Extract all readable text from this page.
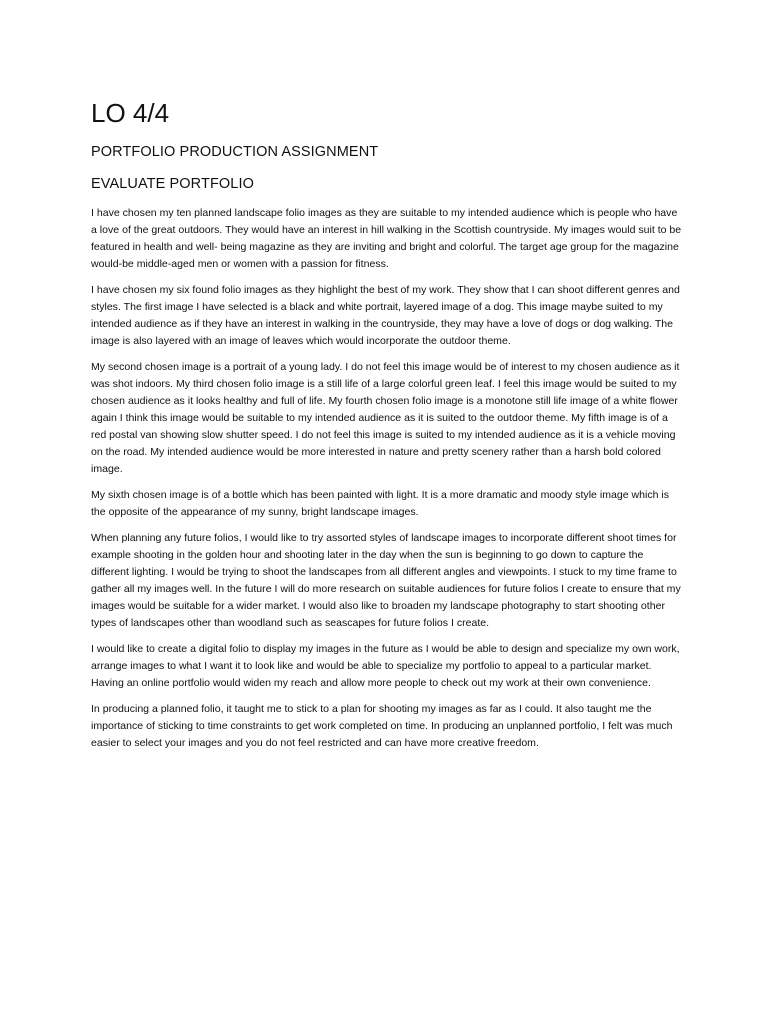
LO 4/4
PORTFOLIO PRODUCTION ASSIGNMENT
EVALUATE PORTFOLIO

I have chosen my ten planned landscape folio images as they are suitable to my intended audience which is people who have a love of the great outdoors. They would have an interest in hill walking in the Scottish countryside. My images would suit to be featured in health and well- being magazine as they are inviting and bright and colorful. The target age group for the magazine would-be middle-aged men or women with a passion for fitness.

I have chosen my six found folio images as they highlight the best of my work. They show that I can shoot different genres and styles. The first image I have selected is a black and white portrait, layered image of a dog. This image maybe suited to my intended audience as if they have an interest in walking in the countryside, they may have a love of dogs or dog walking. The image is also layered with an image of leaves which would incorporate the outdoor theme.

My second chosen image is a portrait of a young lady. I do not feel this image would be of interest to my chosen audience as it was shot indoors. My third chosen folio image is a still life of a large colorful green leaf. I feel this image would be suited to my chosen audience as it looks healthy and full of life. My fourth chosen folio image is a monotone still life image of a white flower again I think this image would be suitable to my intended audience as it is suited to the outdoor theme. My fifth image is of a red postal van showing slow shutter speed. I do not feel this image is suited to my intended audience as it is a vehicle moving on the road. My intended audience would be more interested in nature and pretty scenery rather than a harsh bold colored image.

My sixth chosen image is of a bottle which has been painted with light. It is a more dramatic and moody style image which is the opposite of the appearance of my sunny, bright landscape images.

When planning any future folios, I would like to try assorted styles of landscape images to incorporate different shoot times for example shooting in the golden hour and shooting later in the day when the sun is beginning to go down to capture the different lighting. I would be trying to shoot the landscapes from all different angles and viewpoints. I stuck to my time frame to gather all my images well. In the future I will do more research on suitable audiences for future folios I create to ensure that my images would be suitable for a wider market. I would also like to broaden my landscape photography to start shooting other types of landscapes other than woodland such as seascapes for future folios I create.

I would like to create a digital folio to display my images in the future as I would be able to design and specialize my own work, arrange images to what I want it to look like and would be able to specialize my portfolio to appeal to a particular market. Having an online portfolio would widen my reach and allow more people to check out my work at their own convenience.

In producing a planned folio, it taught me to stick to a plan for shooting my images as far as I could. It also taught me the importance of sticking to time constraints to get work completed on time. In producing an unplanned portfolio, I felt was much easier to select your images and you do not feel restricted and can have more creative freedom.
